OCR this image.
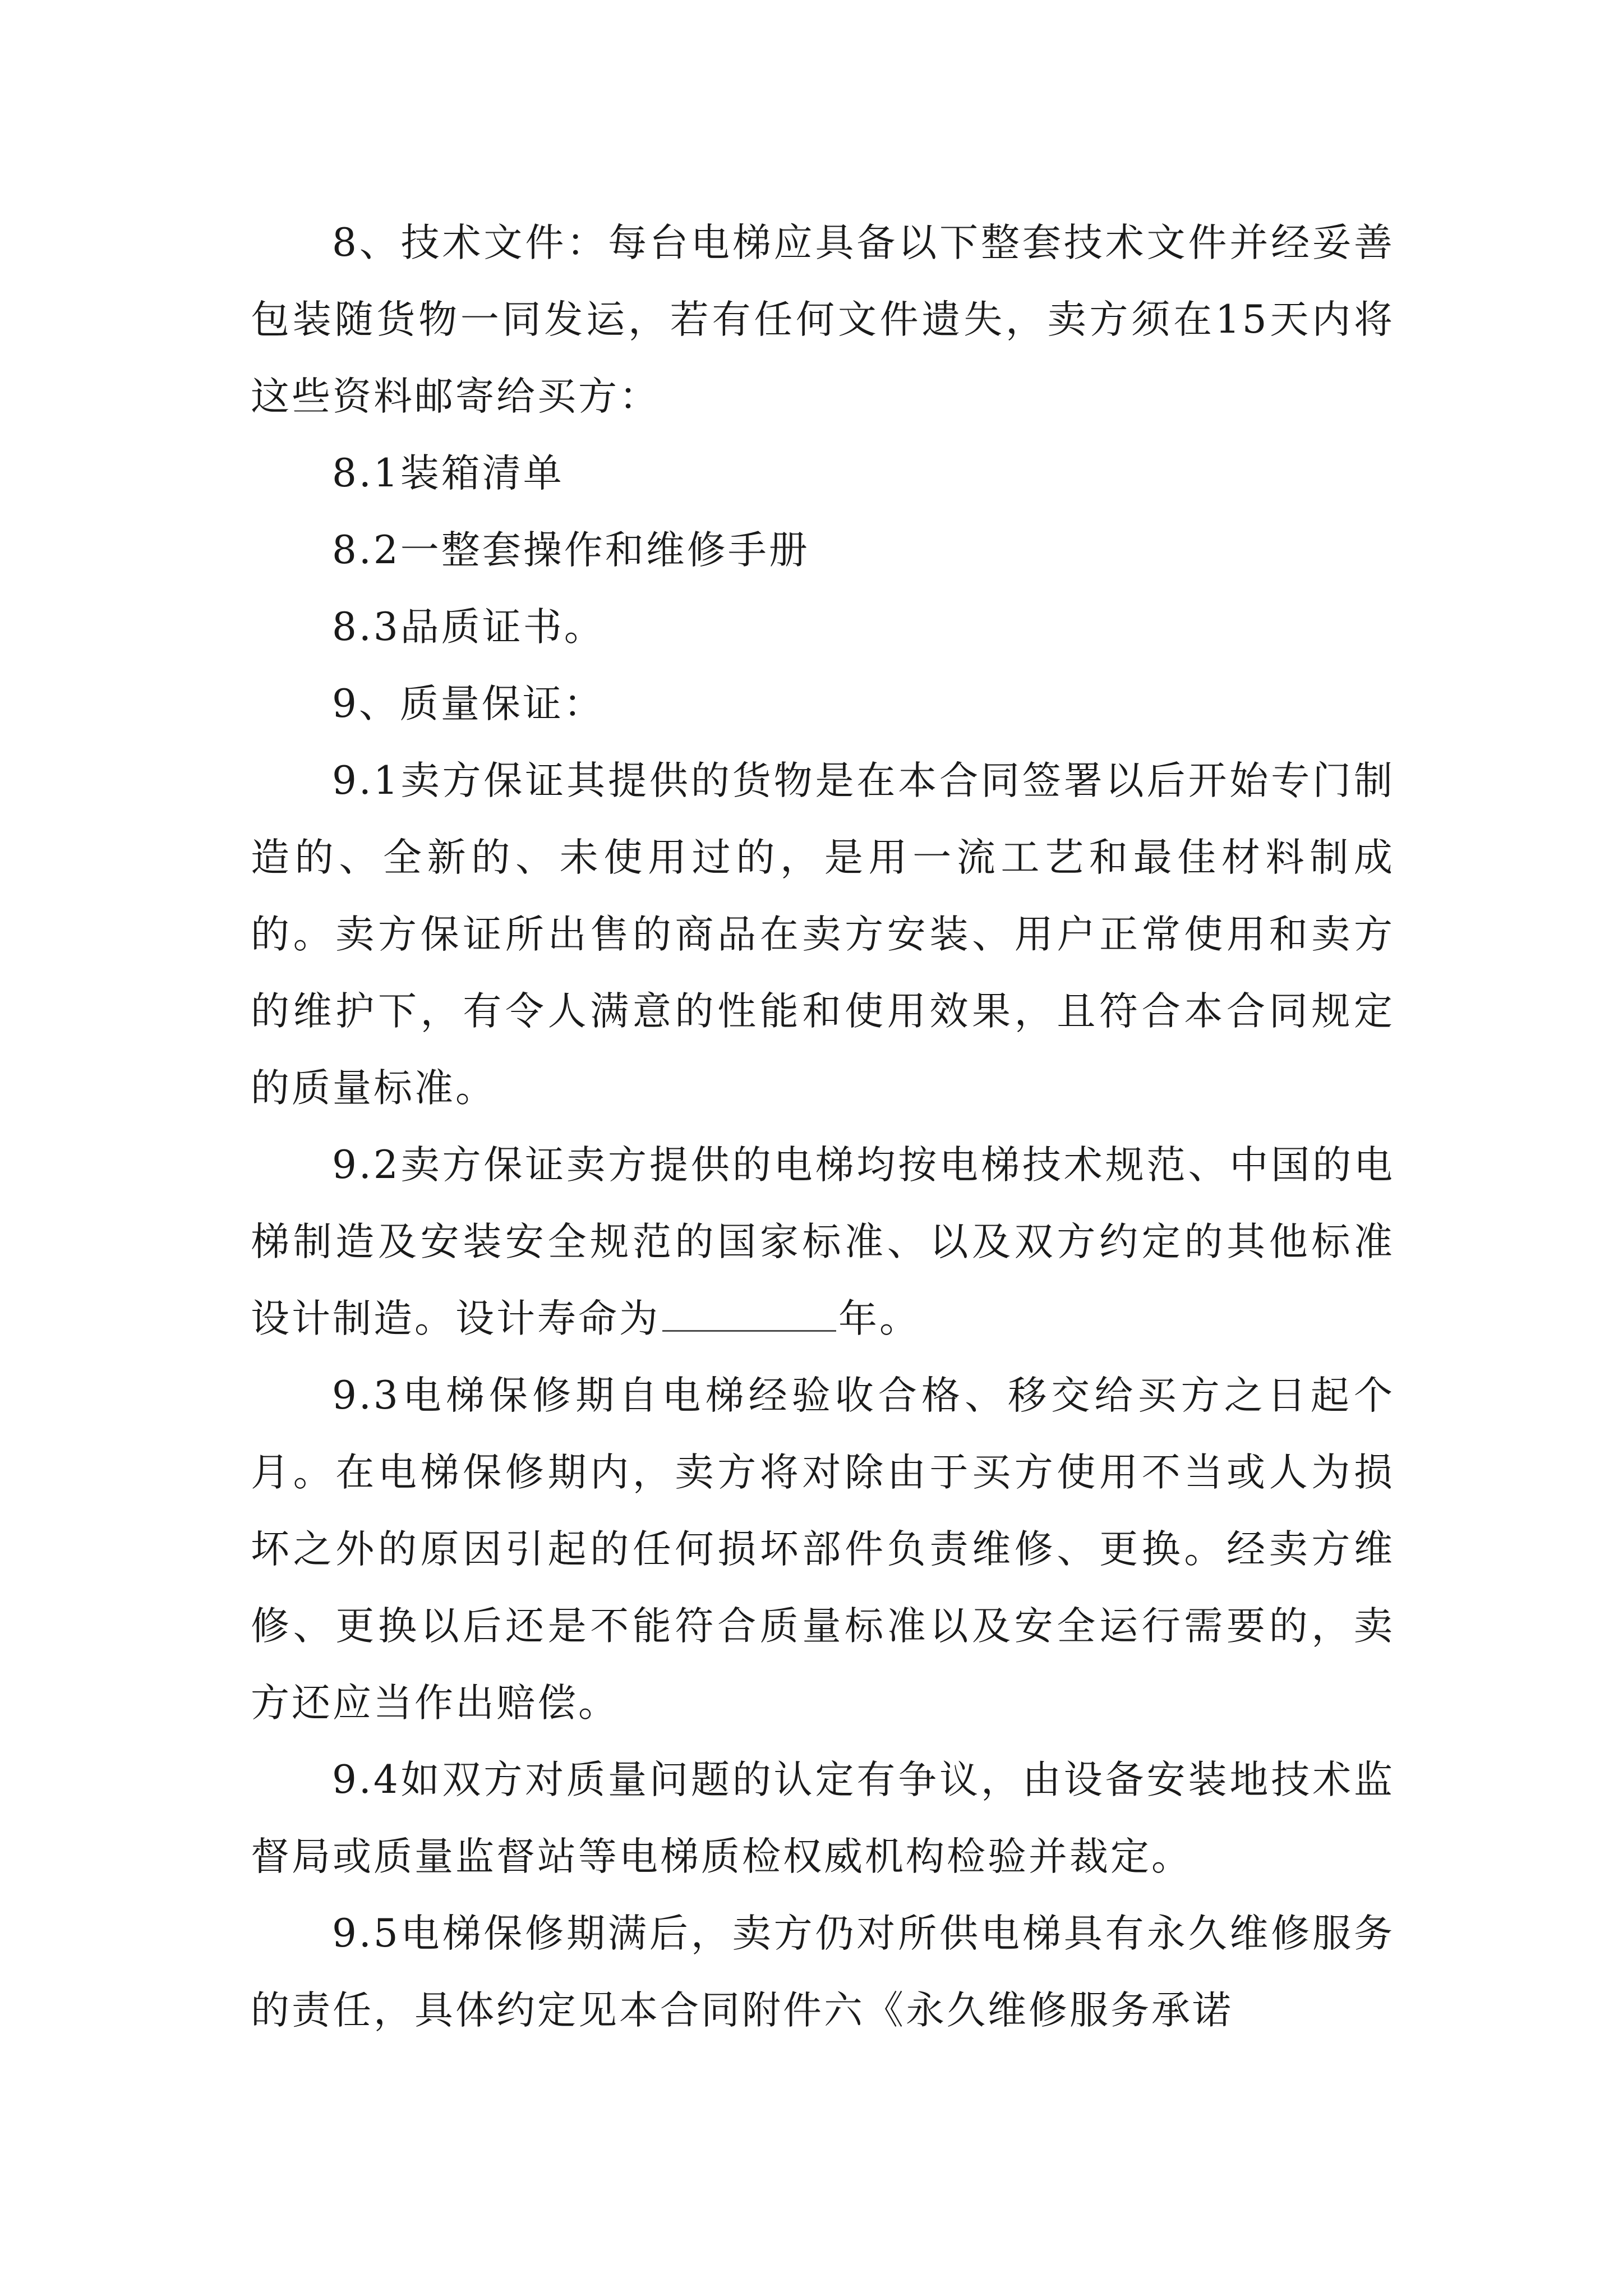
8、技术文件：每台电梯应具备以下整套技术文件并经妥善包装随货物一同发运，若有任何文件遗失，卖方须在15天内将这些资料邮寄给买方：

8.1装箱清单

8.2一整套操作和维修手册

8.3品质证书。

9、质量保证：

9.1卖方保证其提供的货物是在本合同签署以后开始专门制造的、全新的、未使用过的，是用一流工艺和最佳材料制成的。卖方保证所出售的商品在卖方安装、用户正常使用和卖方的维护下，有令人满意的性能和使用效果，且符合本合同规定的质量标准。

9.2卖方保证卖方提供的电梯均按电梯技术规范、中国的电梯制造及安装安全规范的国家标准、以及双方约定的其他标准设计制造。设计寿命为	年。

9.3电梯保修期自电梯经验收合格、移交给买方之日起个月。在电梯保修期内，卖方将对除由于买方使用不当或人为损坏之外的原因引起的任何损坏部件负责维修、更换。经卖方维修、更换以后还是不能符合质量标准以及安全运行需要的，卖方还应当作出赔偿。

9.4如双方对质量问题的认定有争议，由设备安装地技术监督局或质量监督站等电梯质检权威机构检验并裁定。

9.5电梯保修期满后，卖方仍对所供电梯具有永久维修服务的责任，具体约定见本合同附件六《永久维修服务承诺
